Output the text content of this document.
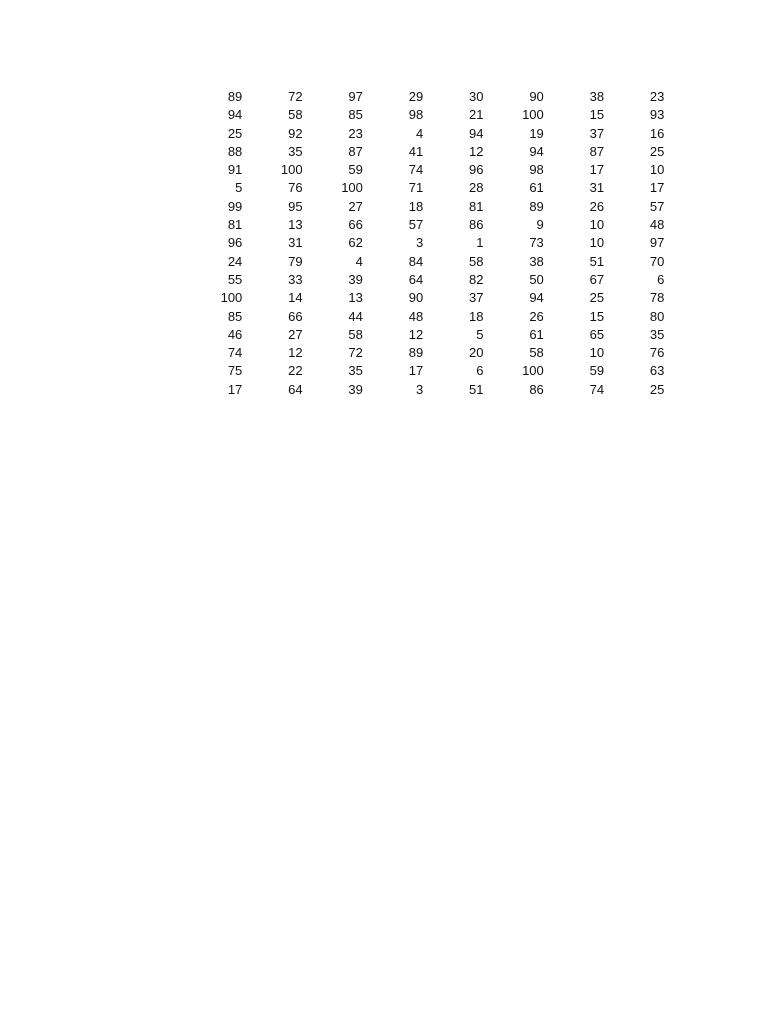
89	72	97	29	30	90	38	23
94	58	85	98	21	100	15	93
25	92	23	4	94	19	37	16
88	35	87	41	12	94	87	25
91	100	59	74	96	98	17	10
5	76	100	71	28	61	31	17
99	95	27	18	81	89	26	57
81	13	66	57	86	9	10	48
96	31	62	3	1	73	10	97
24	79	4	84	58	38	51	70
55	33	39	64	82	50	67	6
100	14	13	90	37	94	25	78
85	66	44	48	18	26	15	80
46	27	58	12	5	61	65	35
74	12	72	89	20	58	10	76
75	22	35	17	6	100	59	63
17	64	39	3	51	86	74	25
